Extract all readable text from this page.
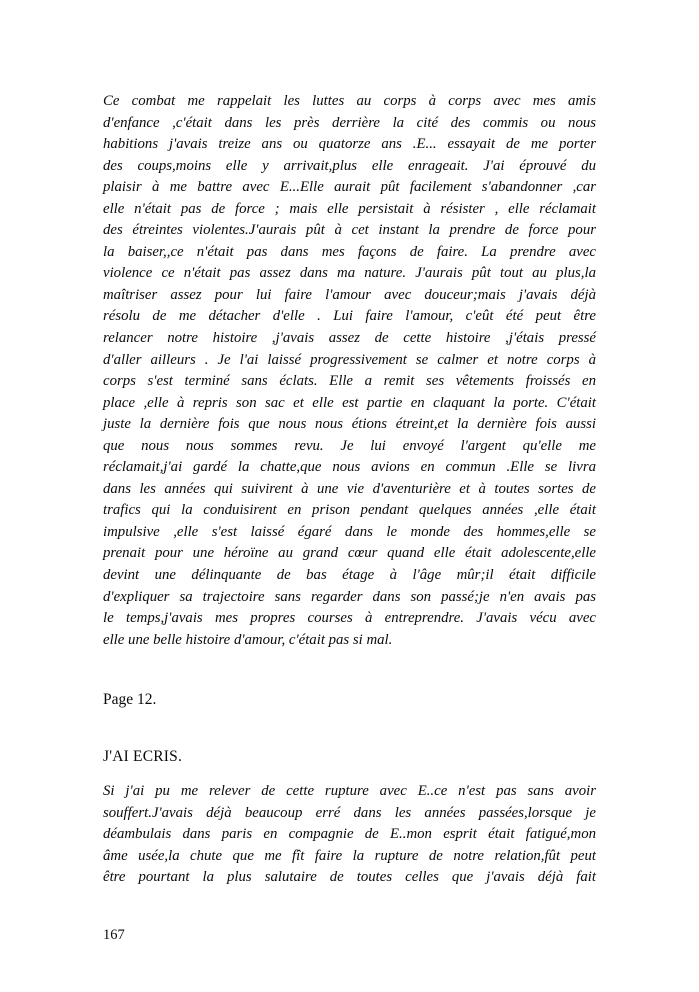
Ce combat me rappelait les luttes au corps à corps avec mes amis
d'enfance ,c'était dans les près derrière la cité des commis ou nous
habitions j'avais treize ans ou quatorze ans .E... essayait de me porter
des coups,moins elle y arrivait,plus elle enrageait. J'ai éprouvé du
plaisir à me battre avec E...Elle aurait pût facilement s'abandonner ,car
elle n'était pas de force ; mais elle persistait à résister , elle réclamait
des étreintes violentes.J'aurais pût à cet instant la prendre de force pour
la baiser,,ce n'était pas dans mes façons de faire. La prendre avec
violence ce n'était pas assez dans ma nature. J'aurais pût tout au plus,la
maîtriser assez pour lui faire l'amour avec douceur;mais j'avais déjà
résolu de me détacher d'elle . Lui faire l'amour, c'eût été peut être
relancer notre histoire ,j'avais assez de cette histoire ,j'étais pressé
d'aller ailleurs . Je l'ai laissé progressivement se calmer et notre corps à
corps s'est terminé sans éclats. Elle a remit ses vêtements froissés en
place ,elle à repris son sac et elle est partie en claquant la porte. C'était
juste la dernière fois que nous nous étions étreint,et la dernière fois aussi
que nous nous sommes revu. Je lui envoyé l'argent qu'elle me
réclamait,j'ai gardé la chatte,que nous avions en commun .Elle se livra
dans les années qui suivirent à une vie d'aventurière et à toutes sortes de
trafics qui la conduisirent en prison pendant quelques années ,elle était
impulsive ,elle s'est laissé égaré dans le monde des hommes,elle se
prenait pour une héroïne au grand cœur quand elle était adolescente,elle
devint une délinquante de bas étage à l'âge mûr;il était difficile
d'expliquer sa trajectoire sans regarder dans son passé;je n'en avais pas
le temps,j'avais mes propres courses à entreprendre. J'avais vécu avec
elle une belle histoire d'amour, c'était pas si mal.
Page 12.
J'AI ECRIS.
Si j'ai pu me relever de cette rupture avec E..ce n'est pas sans avoir
souffert.J'avais déjà beaucoup erré dans les années passées,lorsque je
déambulais dans paris en compagnie de E..mon esprit était fatigué,mon
âme usée,la chute que me fît faire la rupture de notre relation,fût peut
être pourtant la plus salutaire de toutes celles que j'avais déjà fait
167
